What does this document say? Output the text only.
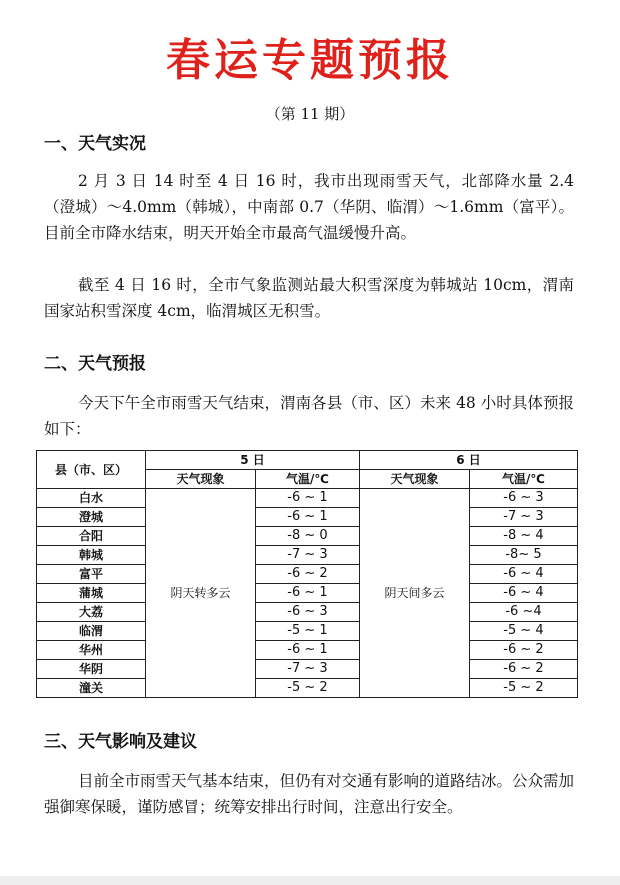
春运专题预报
（第 11 期）
一、天气实况
2 月 3 日 14 时至 4 日 16 时，我市出现雨雪天气，北部降水量 2.4（澄城）～4.0mm（韩城），中南部 0.7（华阴、临渭）～1.6mm（富平）。目前全市降水结束，明天开始全市最高气温缓慢升高。
截至 4 日 16 时，全市气象监测站最大积雪深度为韩城站 10cm，渭南国家站积雪深度 4cm，临渭城区无积雪。
二、天气预报
今天下午全市雨雪天气结束，渭南各县（市、区）未来 48 小时具体预报如下：
县（市、区）	5 日		6 日	
	天气现象	气温/℃	天气现象	气温/℃
白水	阴天转多云	-6 ~ 1	阴天间多云	-6 ~ 3
澄城		-6 ~ 1		-7 ~ 3
合阳		-8 ~ 0		-8 ~ 4
韩城		-7 ~ 3		-8~ 5
富平		-6 ~ 2		-6 ~ 4
蒲城		-6 ~ 1		-6 ~ 4
大荔		-6 ~ 3		-6 ~4
临渭		-5 ~ 1		-5 ~ 4
华州		-6 ~ 1		-6 ~ 2
华阴		-7 ~ 3		-6 ~ 2
潼关		-5 ~ 2		-5 ~ 2
三、天气影响及建议
目前全市雨雪天气基本结束，但仍有对交通有影响的道路结冰。公众需加强御寒保暖，谨防感冒；统筹安排出行时间，注意出行安全。
